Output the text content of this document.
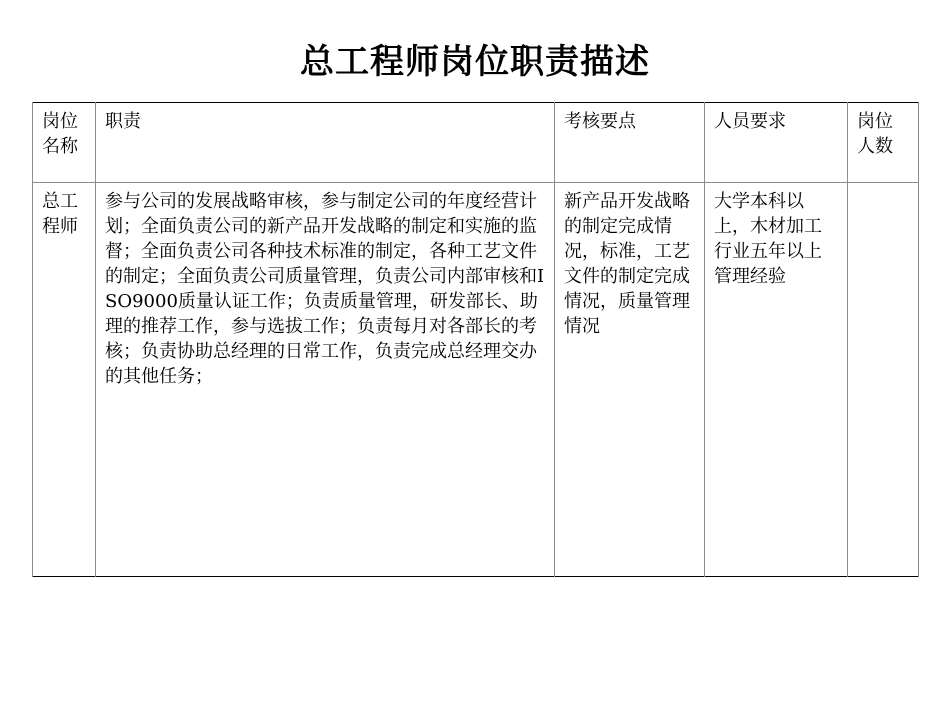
总工程师岗位职责描述
岗位名称	职责	考核要点	人员要求	岗位人数
总工程师	参与公司的发展战略审核，参与制定公司的年度经营计划；全面负责公司的新产品开发战略的制定和实施的监督；全面负责公司各种技术标准的制定，各种工艺文件的制定；全面负责公司质量管理，负责公司内部审核和ISO9000质量认证工作；负责质量管理，研发部长、助理的推荐工作，参与选拔工作；负责每月对各部长的考核；负责协助总经理的日常工作，负责完成总经理交办的其他任务；	新产品开发战略的制定完成情况，标准，工艺文件的制定完成情况，质量管理情况	大学本科以上，木材加工行业五年以上管理经验	
